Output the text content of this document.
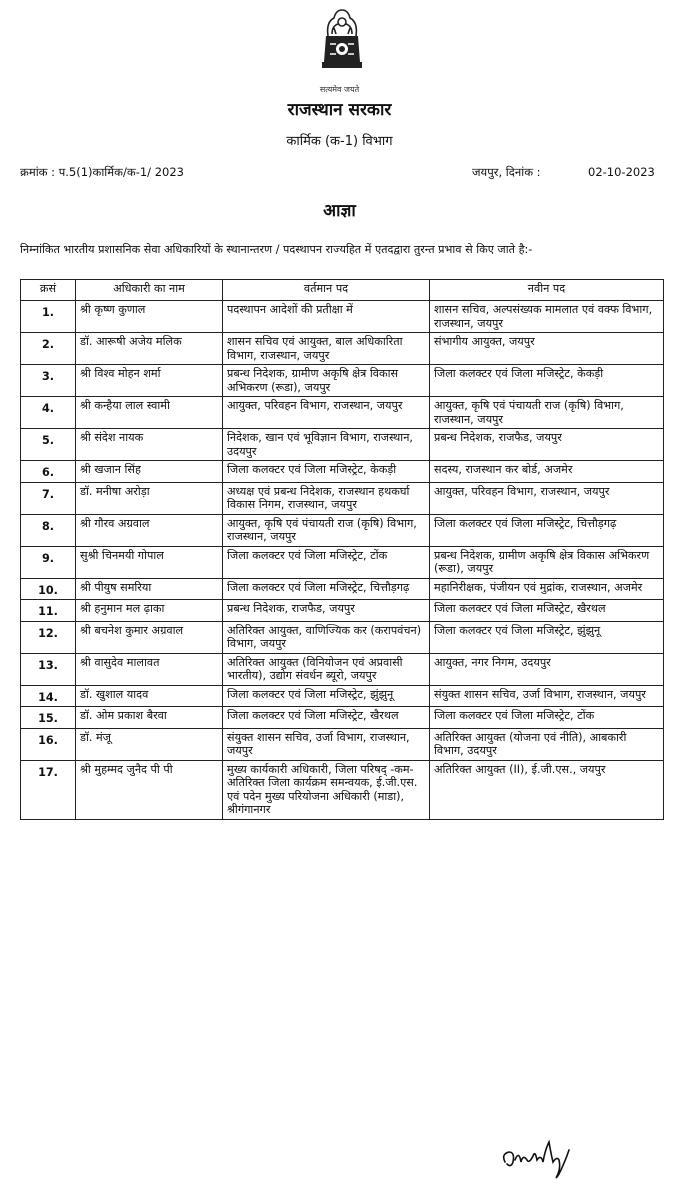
सत्यमेव जयते
राजस्थान सरकार
कार्मिक (क-1) विभाग
क्रमांक : प.5(1)कार्मिक/क-1/ 2023	जयपुर, दिनांक :	02-10-2023
आज्ञा
निम्नांकित भारतीय प्रशासनिक सेवा अधिकारियों के स्थानान्तरण / पदस्थापन राज्यहित में एतदद्वारा तुरन्त प्रभाव से किए जाते है:-
क्रसं	अधिकारी का नाम	वर्तमान पद	नवीन पद
1.	श्री कृष्ण कुणाल	पदस्थापन आदेशों की प्रतीक्षा में	शासन सचिव, अल्पसंख्यक मामलात एवं वक्फ विभाग, राजस्थान, जयपुर
2.	डॉ. आरूषी अजेय मलिक	शासन सचिव एवं आयुक्त, बाल अधिकारिता विभाग, राजस्थान, जयपुर	संभागीय आयुक्त, जयपुर
3.	श्री विश्व मोहन शर्मा	प्रबन्ध निदेशक, ग्रामीण अकृषि क्षेत्र विकास अभिकरण (रूडा), जयपुर	जिला कलक्टर एवं जिला मजिस्ट्रेट, केकड़ी
4.	श्री कन्हैया लाल स्वामी	आयुक्त, परिवहन विभाग, राजस्थान, जयपुर	आयुक्त, कृषि एवं पंचायती राज (कृषि) विभाग, राजस्थान, जयपुर
5.	श्री संदेश नायक	निदेशक, खान एवं भूविज्ञान विभाग, राजस्थान, उदयपुर	प्रबन्ध निदेशक, राजफैड, जयपुर
6.	श्री खजान सिंह	जिला कलक्टर एवं जिला मजिस्ट्रेट, केकड़ी	सदस्य, राजस्थान कर बोर्ड, अजमेर
7.	डॉ. मनीषा अरोड़ा	अध्यक्ष एवं प्रबन्ध निदेशक, राजस्थान हथकर्घा विकास निगम, राजस्थान, जयपुर	आयुक्त, परिवहन विभाग, राजस्थान, जयपुर
8.	श्री गौरव अग्रवाल	आयुक्त, कृषि एवं पंचायती राज (कृषि) विभाग, राजस्थान, जयपुर	जिला कलक्टर एवं जिला मजिस्ट्रेट, चित्तौड़गढ़
9.	सुश्री चिनमयी गोपाल	जिला कलक्टर एवं जिला मजिस्ट्रेट, टोंक	प्रबन्ध निदेशक, ग्रामीण अकृषि क्षेत्र विकास अभिकरण (रूडा), जयपुर
10.	श्री पीयुष समरिया	जिला कलक्टर एवं जिला मजिस्ट्रेट, चित्तौड़गढ़	महानिरीक्षक, पंजीयन एवं मुद्रांक, राजस्थान, अजमेर
11.	श्री हनुमान मल ढ़ाका	प्रबन्ध निदेशक, राजफैड, जयपुर	जिला कलक्टर एवं जिला मजिस्ट्रेट, खैरथल
12.	श्री बचनेश कुमार अग्रवाल	अतिरिक्त आयुक्त, वाणिज्यिक कर (करापवंचन) विभाग, जयपुर	जिला कलक्टर एवं जिला मजिस्ट्रेट, झुंझुनू
13.	श्री वासुदेव मालावत	अतिरिक्त आयुक्त (विनियोजन एवं अप्रवासी भारतीय), उद्योग संवर्धन ब्यूरो, जयपुर	आयुक्त, नगर निगम, उदयपुर
14.	डॉ. खुशाल यादव	जिला कलक्टर एवं जिला मजिस्ट्रेट, झुंझुनू	संयुक्त शासन सचिव, उर्जा विभाग, राजस्थान, जयपुर
15.	डॉ. ओम प्रकाश बैरवा	जिला कलक्टर एवं जिला मजिस्ट्रेट, खैरथल	जिला कलक्टर एवं जिला मजिस्ट्रेट, टोंक
16.	डॉ. मंजू	संयुक्त शासन सचिव, उर्जा विभाग, राजस्थान, जयपुर	अतिरिक्त आयुक्त (योजना एवं नीति), आबकारी विभाग, उदयपुर
17.	श्री मुहम्मद जुनैद पी पी	मुख्य कार्यकारी अधिकारी, जिला परिषद् -कम- अतिरिक्त जिला कार्यक्रम समन्वयक, ई.जी.एस. एवं पदेन मुख्य परियोजना अधिकारी (माडा), श्रीगंगानगर	अतिरिक्त आयुक्त (II), ई.जी.एस., जयपुर
